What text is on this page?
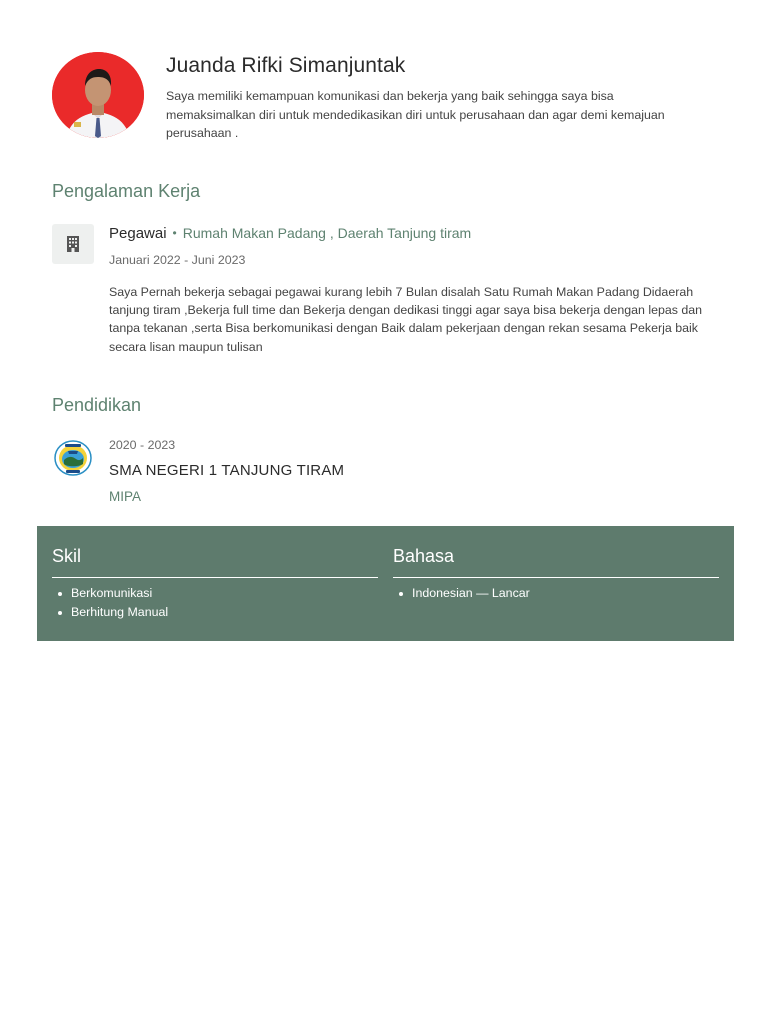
Juanda Rifki Simanjuntak
Saya memiliki kemampuan komunikasi dan bekerja yang baik sehingga saya bisa memaksimalkan diri untuk mendedikasikan diri untuk perusahaan dan agar demi kemajuan perusahaan .
Pengalaman Kerja
Pegawai • Rumah Makan Padang , Daerah Tanjung tiram
Januari 2022 - Juni 2023
Saya Pernah bekerja sebagai pegawai kurang lebih 7 Bulan disalah Satu Rumah Makan Padang Didaerah tanjung tiram ,Bekerja full time dan Bekerja dengan dedikasi tinggi agar saya bisa bekerja dengan lepas dan tanpa tekanan ,serta Bisa berkomunikasi dengan Baik dalam pekerjaan dengan rekan sesama Pekerja baik secara lisan maupun tulisan
Pendidikan
2020 - 2023
SMA NEGERI 1 TANJUNG TIRAM
MIPA
Skil
Berkomunikasi
Berhitung Manual
Bahasa
Indonesian — Lancar
